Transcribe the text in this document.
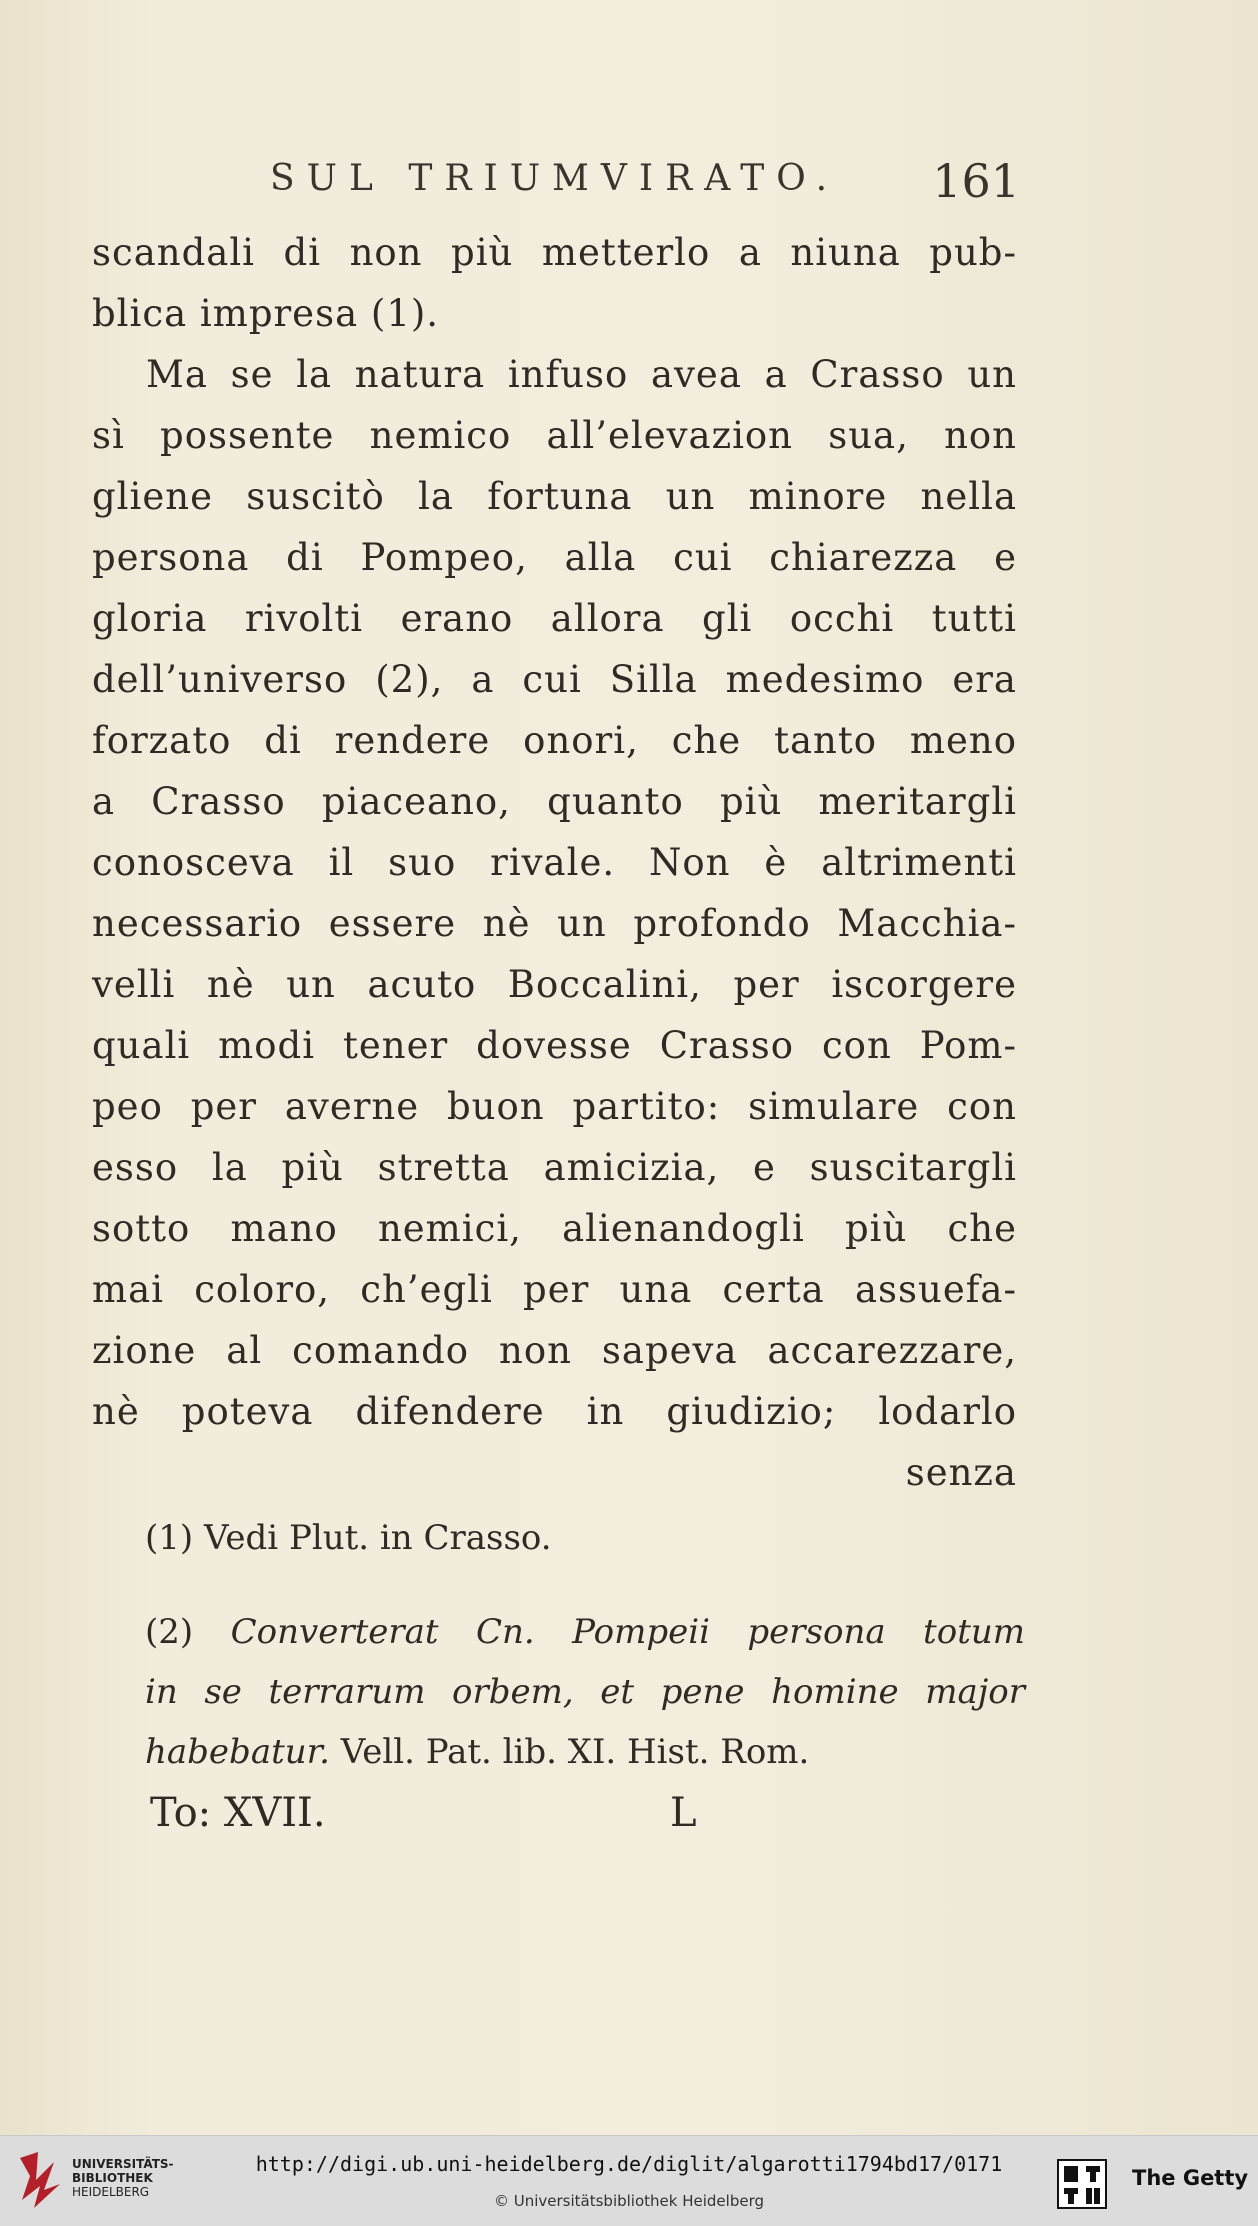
SUL TRIUMVIRATO. 161
scandali di non più metterlo a niuna pub-
blica impresa (1).
Ma se la natura infuso avea a Crasso un
sì possente nemico all’elevazion sua, non
gliene suscitò la fortuna un minore nella
persona di Pompeo, alla cui chiarezza e
gloria rivolti erano allora gli occhi tutti
dell’universo (2), a cui Silla medesimo era
forzato di rendere onori, che tanto meno
a Crasso piaceano, quanto più meritargli
conosceva il suo rivale. Non è altrimenti
necessario essere nè un profondo Macchia-
velli nè un acuto Boccalini, per iscorgere
quali modi tener dovesse Crasso con Pom-
peo per averne buon partito: simulare con
esso la più stretta amicizia, e suscitargli
sotto mano nemici, alienandogli più che
mai coloro, ch’egli per una certa assuefa-
zione al comando non sapeva accarezzare,
nè poteva difendere in giudizio; lodarlo
senza
(1) Vedi Plut. in Crasso.
(2) Converterat Cn. Pompeii persona totum
in se terrarum orbem, et pene homine major
habebatur. Vell. Pat. lib. XI. Hist. Rom.
To: XVII.	L
UNIVERSITÄTS-
BIBLIOTHEK
HEIDELBERG
http://digi.ub.uni-heidelberg.de/diglit/algarotti1794bd17/0171
© Universitätsbibliothek Heidelberg
The Getty
